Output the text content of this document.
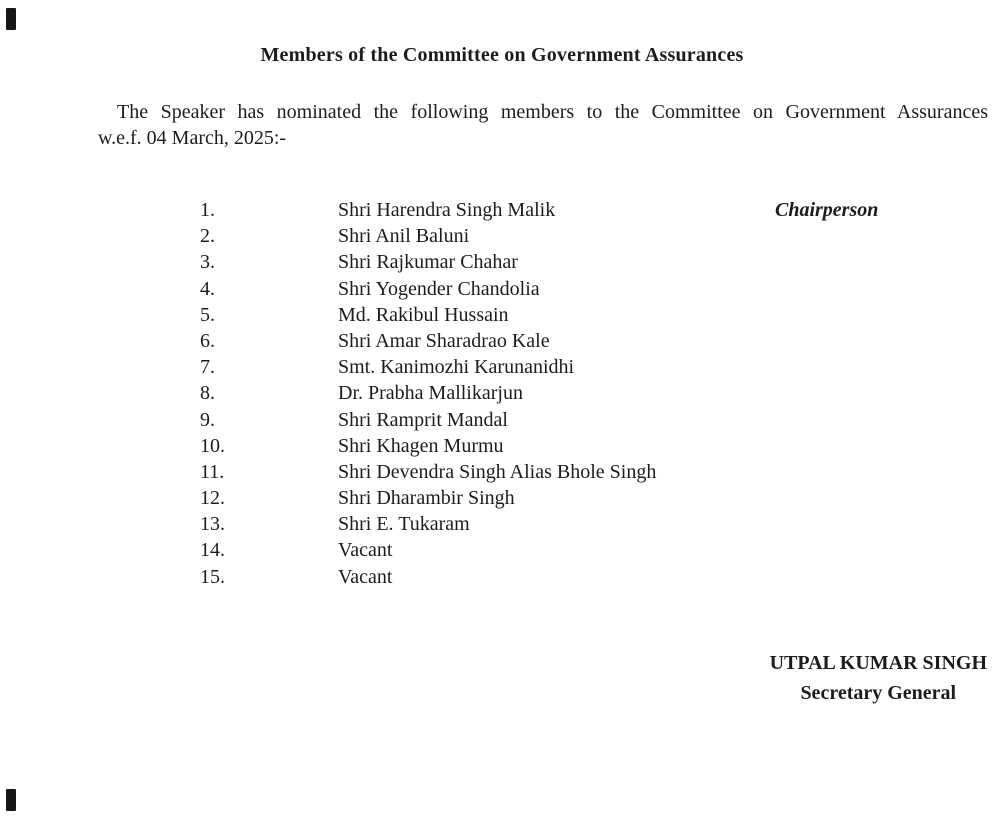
Members of the Committee on Government Assurances
The Speaker has nominated the following members to the Committee on Government Assurances
w.e.f. 04 March, 2025:-
1.	Shri Harendra Singh Malik	Chairperson
2.	Shri Anil Baluni
3.	Shri Rajkumar Chahar
4.	Shri Yogender Chandolia
5.	Md. Rakibul Hussain
6.	Shri Amar Sharadrao Kale
7.	Smt. Kanimozhi Karunanidhi
8.	Dr. Prabha Mallikarjun
9.	Shri Ramprit Mandal
10.	Shri Khagen Murmu
11.	Shri Devendra Singh Alias Bhole Singh
12.	Shri Dharambir Singh
13.	Shri E. Tukaram
14.	Vacant
15.	Vacant
UTPAL KUMAR SINGH
Secretary General
